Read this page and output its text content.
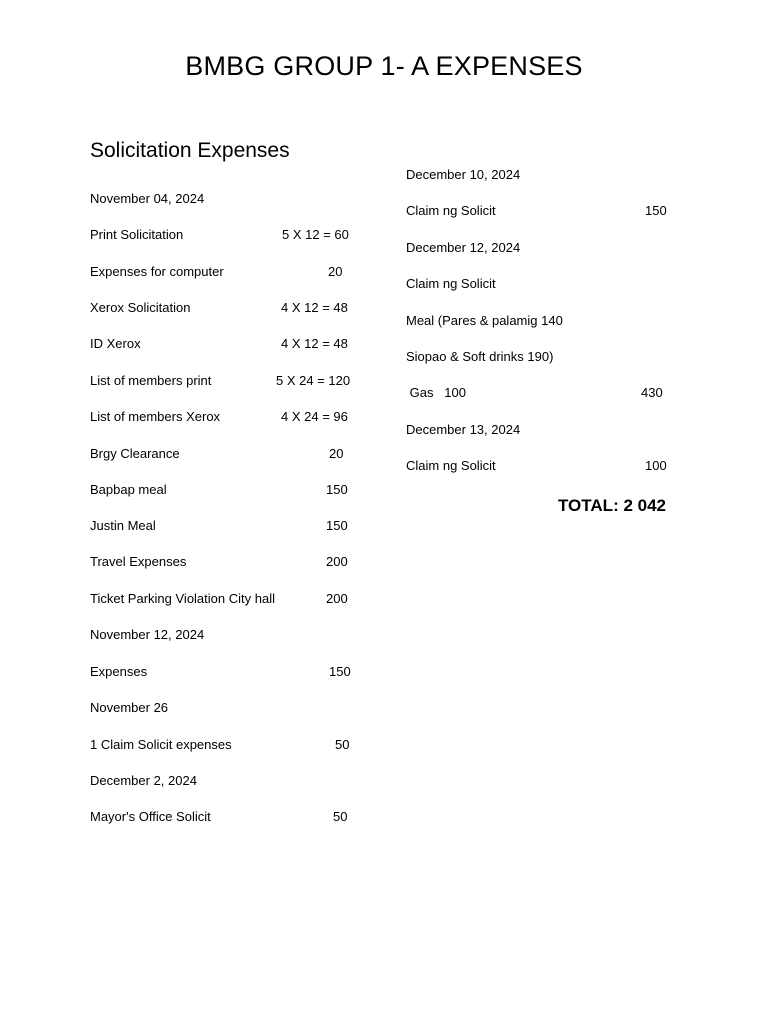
BMBG GROUP 1- A EXPENSES
Solicitation Expenses
November 04, 2024
Print Solicitation	5 X 12 = 60
Expenses for computer	20
Xerox Solicitation	4 X 12 = 48
ID Xerox	4 X 12 = 48
List of members print	5 X 24 = 120
List of members Xerox	4 X 24 = 96
Brgy Clearance	20
Bapbap meal	150
Justin Meal	150
Travel Expenses	200
Ticket Parking Violation City hall	200
November 12, 2024
Expenses	150
November 26
1 Claim Solicit expenses	50
December 2, 2024
Mayor's Office Solicit	50
December 10, 2024
Claim ng Solicit	150
December 12, 2024
Claim ng Solicit
Meal (Pares & palamig 140
Siopao & Soft drinks 190)
Gas   100	430
December 13, 2024
Claim ng Solicit	100
TOTAL: 2 042
